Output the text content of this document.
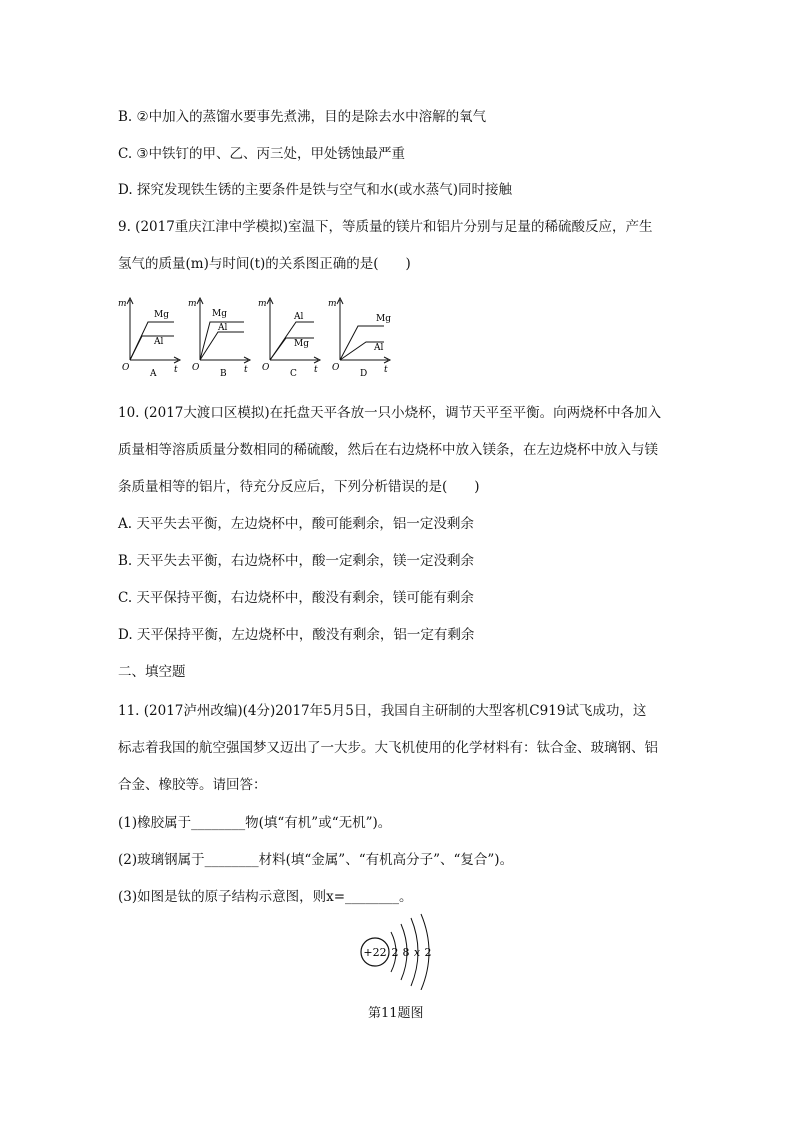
B. ②中加入的蒸馏水要事先煮沸，目的是除去水中溶解的氧气
C. ③中铁钉的甲、乙、丙三处，甲处锈蚀最严重
D. 探究发现铁生锈的主要条件是铁与空气和水(或水蒸气)同时接触
9. (2017重庆江津中学模拟)室温下，等质量的镁片和铝片分别与足量的稀硫酸反应，产生
氢气的质量(m)与时间(t)的关系图正确的是(　　)
10. (2017大渡口区模拟)在托盘天平各放一只小烧杯，调节天平至平衡。向两烧杯中各加入
质量相等溶质质量分数相同的稀硫酸，然后在右边烧杯中放入镁条，在左边烧杯中放入与镁
条质量相等的铝片，待充分反应后，下列分析错误的是(　　)
A. 天平失去平衡，左边烧杯中，酸可能剩余，铝一定没剩余
B. 天平失去平衡，右边烧杯中，酸一定剩余，镁一定没剩余
C. 天平保持平衡，右边烧杯中，酸没有剩余，镁可能有剩余
D. 天平保持平衡，左边烧杯中，酸没有剩余，铝一定有剩余
二、填空题
11. (2017泸州改编)(4分)2017年5月5日，我国自主研制的大型客机C919试飞成功，这
标志着我国的航空强国梦又迈出了一大步。大飞机使用的化学材料有：钛合金、玻璃钢、铝
合金、橡胶等。请回答：
(1)橡胶属于________物(填“有机”或“无机”)。
(2)玻璃钢属于________材料(填“金属”、“有机高分子”、“复合”)。
(3)如图是钛的原子结构示意图，则x=________。
m
t
O
A
Mg
Al
m
t
O
B
Mg
Al
m
t
O
C
Al
Mg
m
t
O
D
Mg
Al
+22 2 8 x 2
第11题图
